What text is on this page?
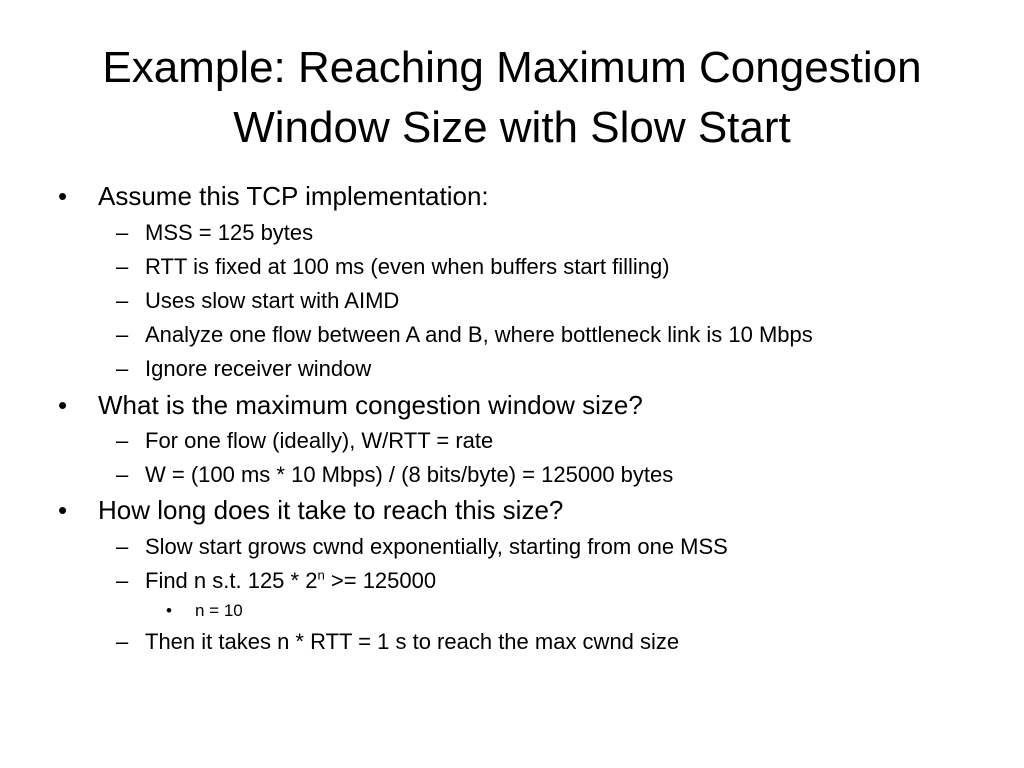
Example: Reaching Maximum Congestion
Window Size with Slow Start
•	Assume this TCP implementation:
– MSS = 125 bytes
– RTT is fixed at 100 ms (even when buffers start filling)
– Uses slow start with AIMD
– Analyze one flow between A and B, where bottleneck link is 10 Mbps
– Ignore receiver window
•	What is the maximum congestion window size?
– For one flow (ideally), W/RTT = rate
– W = (100 ms * 10 Mbps) / (8 bits/byte) = 125000 bytes
•	How long does it take to reach this size?
– Slow start grows cwnd exponentially, starting from one MSS
– Find n s.t. $125 * 2^n >= 125000$
•	n = 10
– Then it takes n * RTT = 1 s to reach the max cwnd size
